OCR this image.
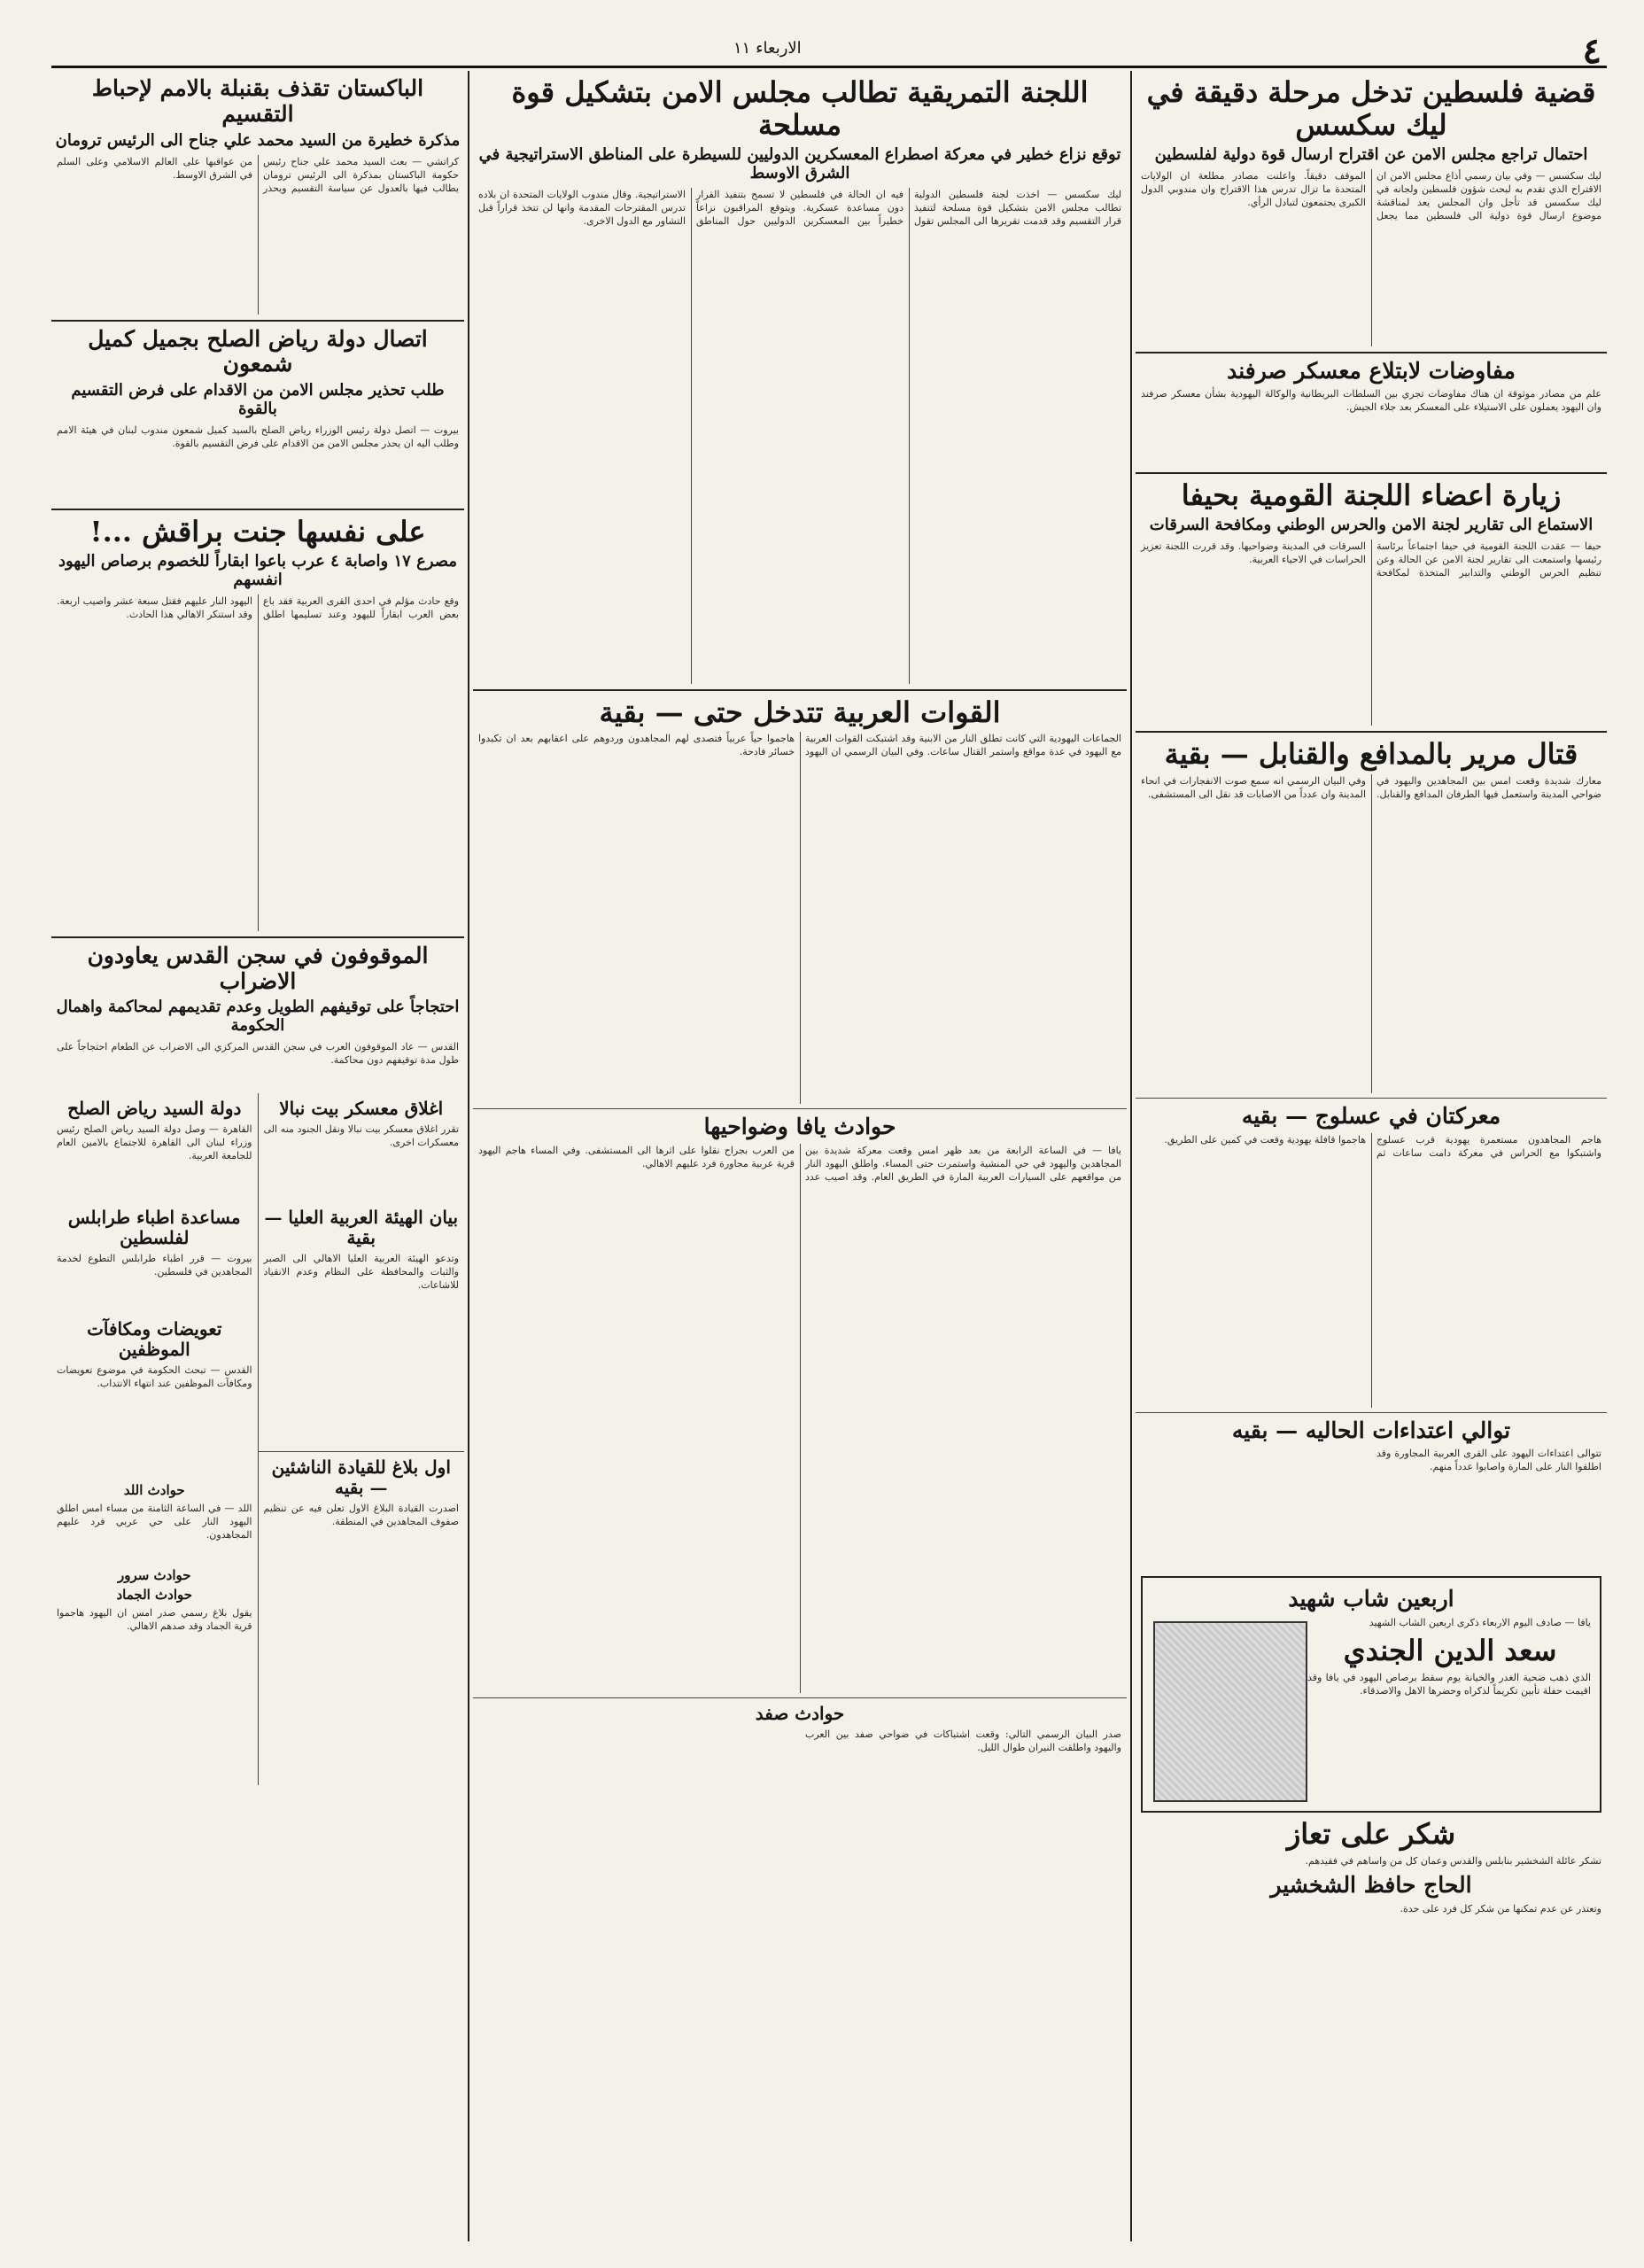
٤
الاربعاء ١١
قضية فلسطين تدخل مرحلة دقيقة في ليك سكسس
احتمال تراجع مجلس الامن عن اقتراح ارسال قوة دولية لفلسطين
ليك سكسس — وفي بيان رسمي أذاع مجلس الامن ان الاقتراح الذي تقدم به لبحث شؤون فلسطين ولجانه في ليك سكسس قد تأجل وان المجلس يعد لمناقشة موضوع ارسال قوة دولية الى فلسطين مما يجعل الموقف دقيقاً. واعلنت مصادر مطلعة ان الولايات المتحدة ما تزال تدرس هذا الاقتراح وان مندوبي الدول الكبرى يجتمعون لتبادل الرأي.
مفاوضات لابتلاع معسكر صرفند
علم من مصادر موثوقة ان هناك مفاوضات تجري بين السلطات البريطانية والوكالة اليهودية بشأن معسكر صرفند وان اليهود يعملون على الاستيلاء على المعسكر بعد جلاء الجيش.
زيارة اعضاء اللجنة القومية بحيفا
الاستماع الى تقارير لجنة الامن والحرس الوطني ومكافحة السرقات
حيفا — عقدت اللجنة القومية في حيفا اجتماعاً برئاسة رئيسها واستمعت الى تقارير لجنة الامن عن الحالة وعن تنظيم الحرس الوطني والتدابير المتخذة لمكافحة السرقات في المدينة وضواحيها. وقد قررت اللجنة تعزيز الحراسات في الاحياء العربية.
قتال مرير بالمدافع والقنابل — بقية
معارك شديدة وقعت امس بين المجاهدين واليهود في ضواحي المدينة واستعمل فيها الطرفان المدافع والقنابل. وفي البيان الرسمي انه سمع صوت الانفجارات في انحاء المدينة وان عدداً من الاصابات قد نقل الى المستشفى.
معركتان في عسلوج — بقيه
هاجم المجاهدون مستعمرة يهودية قرب عسلوج واشتبكوا مع الحراس في معركة دامت ساعات ثم هاجموا قافلة يهودية وقعت في كمين على الطريق.
توالي اعتداءات الحاليه — بقيه
تتوالى اعتداءات اليهود على القرى العربية المجاورة وقد اطلقوا النار على المارة واصابوا عدداً منهم.
اربعين شاب شهيد
يافا — صادف اليوم الاربعاء ذكرى اربعين الشاب الشهيد
سعد الدين الجندي
الذي ذهب ضحية الغدر والخيانة يوم سقط برصاص اليهود في يافا وقد اقيمت حفلة تأبين تكريماً لذكراه وحضرها الاهل والاصدقاء.
شكر على تعاز
تشكر عائلة الشخشير بنابلس والقدس وعمان كل من واساهم في فقيدهم.
الحاج حافظ الشخشير
وتعتذر عن عدم تمكنها من شكر كل فرد على حدة.
اللجنة التمريقية تطالب مجلس الامن بتشكيل قوة مسلحة
توقع نزاع خطير في معركة اصطراع المعسكرين الدوليين للسيطرة على المناطق الاستراتيجية في الشرق الاوسط
ليك سكسس — اخذت لجنة فلسطين الدولية تطالب مجلس الامن بتشكيل قوة مسلحة لتنفيذ قرار التقسيم وقد قدمت تقريرها الى المجلس تقول فيه ان الحالة في فلسطين لا تسمح بتنفيذ القرار دون مساعدة عسكرية. ويتوقع المراقبون نزاعاً خطيراً بين المعسكرين الدوليين حول المناطق الاستراتيجية. وقال مندوب الولايات المتحدة ان بلاده تدرس المقترحات المقدمة وانها لن تتخذ قراراً قبل التشاور مع الدول الاخرى.
القوات العربية تتدخل حتى — بقية
الجماعات اليهودية التي كانت تطلق النار من الابنية وقد اشتبكت القوات العربية مع اليهود في عدة مواقع واستمر القتال ساعات. وفي البيان الرسمي ان اليهود هاجموا حياً عربياً فتصدى لهم المجاهدون وردوهم على اعقابهم بعد ان تكبدوا خسائر فادحة.
حوادث يافا وضواحيها
يافا — في الساعة الرابعة من بعد ظهر امس وقعت معركة شديدة بين المجاهدين واليهود في حي المنشية واستمرت حتى المساء. واطلق اليهود النار من مواقعهم على السيارات العربية المارة في الطريق العام. وقد اصيب عدد من العرب بجراح نقلوا على اثرها الى المستشفى. وفي المساء هاجم اليهود قرية عربية مجاورة فرد عليهم الاهالي.
حوادث صفد
صدر البيان الرسمي التالي: وقعت اشتباكات في ضواحي صفد بين العرب واليهود واطلقت النيران طوال الليل.
الباكستان تقذف بقنبلة بالامم لإحباط التقسيم
مذكرة خطيرة من السيد محمد علي جناح الى الرئيس ترومان
كراتشي — بعث السيد محمد علي جناح رئيس حكومة الباكستان بمذكرة الى الرئيس ترومان يطالب فيها بالعدول عن سياسة التقسيم ويحذر من عواقبها على العالم الاسلامي وعلى السلم في الشرق الاوسط.
اتصال دولة رياض الصلح بجميل كميل شمعون
طلب تحذير مجلس الامن من الاقدام على فرض التقسيم بالقوة
بيروت — اتصل دولة رئيس الوزراء رياض الصلح بالسيد كميل شمعون مندوب لبنان في هيئة الامم وطلب اليه ان يحذر مجلس الامن من الاقدام على فرض التقسيم بالقوة.
على نفسها جنت براقش ...!
مصرع ١٧ واصابة ٤ عرب باعوا ابقاراً للخصوم برصاص اليهود انفسهم
وقع حادث مؤلم في احدى القرى العربية فقد باع بعض العرب ابقاراً لليهود وعند تسليمها اطلق اليهود النار عليهم فقتل سبعة عشر واصيب اربعة. وقد استنكر الاهالي هذا الحادث.
الموقوفون في سجن القدس يعاودون الاضراب
احتجاجاً على توقيفهم الطويل وعدم تقديمهم لمحاكمة واهمال الحكومة
القدس — عاد الموقوفون العرب في سجن القدس المركزي الى الاضراب عن الطعام احتجاجاً على طول مدة توقيفهم دون محاكمة.
اغلاق معسكر بيت نبالا
تقرر اغلاق معسكر بيت نبالا ونقل الجنود منه الى معسكرات اخرى.
بيان الهيئة العربية العليا — بقية
وتدعو الهيئة العربية العليا الاهالي الى الصبر والثبات والمحافظة على النظام وعدم الانقياد للاشاعات.
اول بلاغ للقيادة الناشئين — بقيه
اصدرت القيادة البلاغ الاول تعلن فيه عن تنظيم صفوف المجاهدين في المنطقة.
دولة السيد رياض الصلح
القاهرة — وصل دولة السيد رياض الصلح رئيس وزراء لبنان الى القاهرة للاجتماع بالامين العام للجامعة العربية.
مساعدة اطباء طرابلس لفلسطين
بيروت — قرر اطباء طرابلس التطوع لخدمة المجاهدين في فلسطين.
تعويضات ومكافآت الموظفين
القدس — تبحث الحكومة في موضوع تعويضات ومكافآت الموظفين عند انتهاء الانتداب.
حوادث اللد
اللد — في الساعة الثامنة من مساء امس اطلق اليهود النار على حي عربي فرد عليهم المجاهدون.
حوادث سرور
حوادث الجماد
يقول بلاغ رسمي صدر امس ان اليهود هاجموا قرية الجماد وقد صدهم الاهالي.
